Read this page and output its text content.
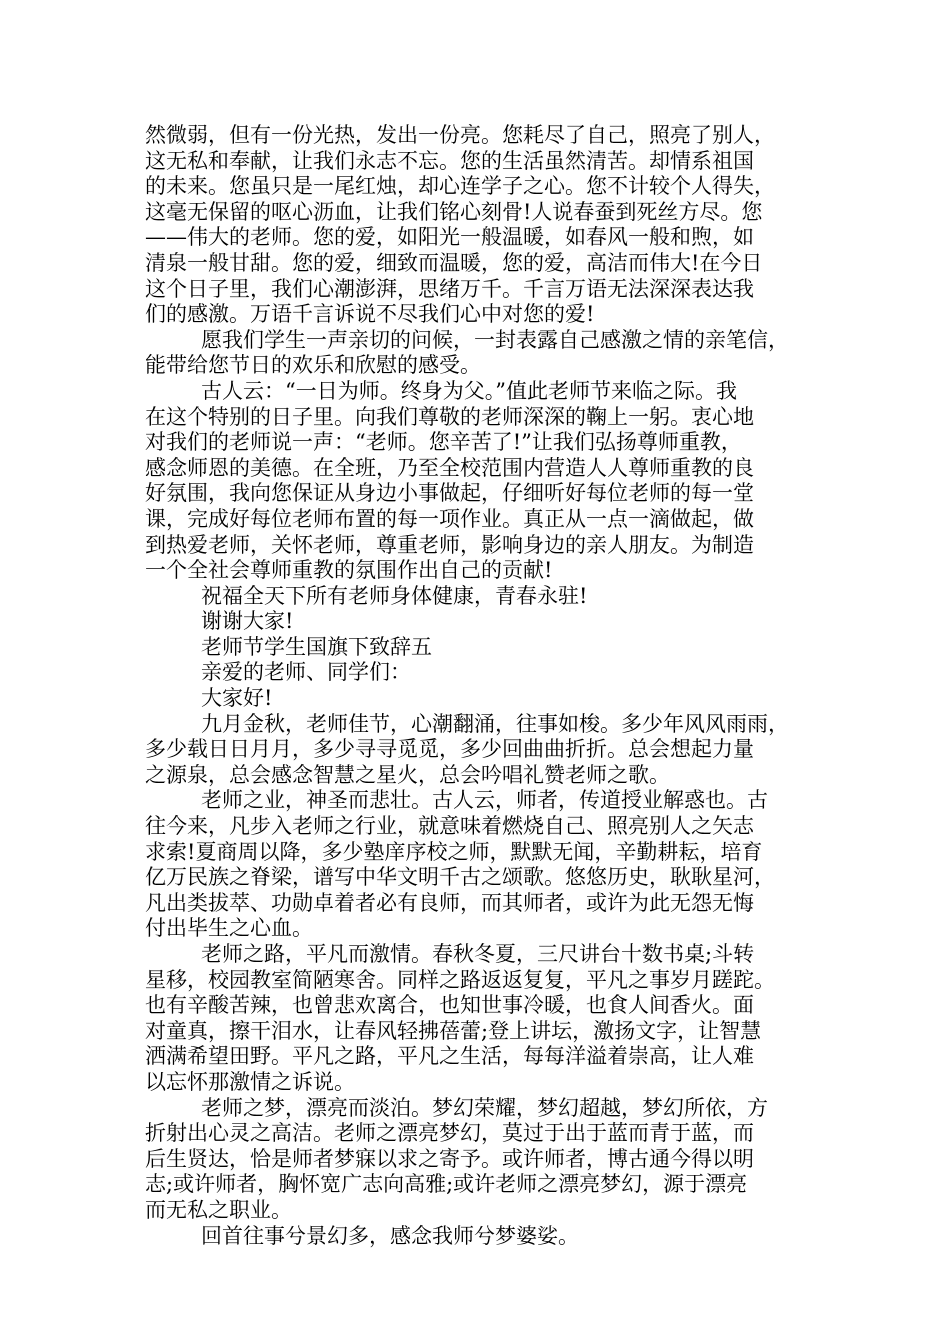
然微弱，但有一份光热，发出一份亮。您耗尽了自己，照亮了别人，
这无私和奉献，让我们永志不忘。您的生活虽然清苦。却情系祖国
的未来。您虽只是一尾红烛，却心连学子之心。您不计较个人得失，
这毫无保留的呕心沥血，让我们铭心刻骨!人说春蚕到死丝方尽。您
——伟大的老师。您的爱，如阳光一般温暖，如春风一般和煦，如
清泉一般甘甜。您的爱，细致而温暖，您的爱，高洁而伟大!在今日
这个日子里，我们心潮澎湃，思绪万千。千言万语无法深深表达我
们的感激。万语千言诉说不尽我们心中对您的爱!
愿我们学生一声亲切的问候，一封表露自己感激之情的亲笔信，
能带给您节日的欢乐和欣慰的感受。
古人云：“一日为师。终身为父。”值此老师节来临之际。我
在这个特别的日子里。向我们尊敬的老师深深的鞠上一躬。衷心地
对我们的老师说一声：“老师。您辛苦了!”让我们弘扬尊师重教，
感念师恩的美德。在全班，乃至全校范围内营造人人尊师重教的良
好氛围，我向您保证从身边小事做起，仔细听好每位老师的每一堂
课，完成好每位老师布置的每一项作业。真正从一点一滴做起，做
到热爱老师，关怀老师，尊重老师，影响身边的亲人朋友。为制造
一个全社会尊师重教的氛围作出自己的贡献!
祝福全天下所有老师身体健康，青春永驻!
谢谢大家!
老师节学生国旗下致辞五
亲爱的老师、同学们：
大家好!
九月金秋，老师佳节，心潮翻涌，往事如梭。多少年风风雨雨，
多少载日日月月，多少寻寻觅觅，多少回曲曲折折。总会想起力量
之源泉，总会感念智慧之星火，总会吟唱礼赞老师之歌。
老师之业，神圣而悲壮。古人云，师者，传道授业解惑也。古
往今来，凡步入老师之行业，就意味着燃烧自己、照亮别人之矢志
求索!夏商周以降，多少塾庠序校之师，默默无闻，辛勤耕耘，培育
亿万民族之脊梁，谱写中华文明千古之颂歌。悠悠历史，耿耿星河，
凡出类拔萃、功勋卓着者必有良师，而其师者，或许为此无怨无悔
付出毕生之心血。
老师之路，平凡而激情。春秋冬夏，三尺讲台十数书桌;斗转
星移，校园教室简陋寒舍。同样之路返返复复，平凡之事岁月蹉跎。
也有辛酸苦辣，也曾悲欢离合，也知世事冷暖，也食人间香火。面
对童真，擦干泪水，让春风轻拂蓓蕾;登上讲坛，激扬文字，让智慧
洒满希望田野。平凡之路，平凡之生活，每每洋溢着崇高，让人难
以忘怀那激情之诉说。
老师之梦，漂亮而淡泊。梦幻荣耀，梦幻超越，梦幻所依，方
折射出心灵之高洁。老师之漂亮梦幻，莫过于出于蓝而青于蓝，而
后生贤达，恰是师者梦寐以求之寄予。或许师者，博古通今得以明
志;或许师者，胸怀宽广志向高雅;或许老师之漂亮梦幻，源于漂亮
而无私之职业。
回首往事兮景幻多，感念我师兮梦婆娑。
